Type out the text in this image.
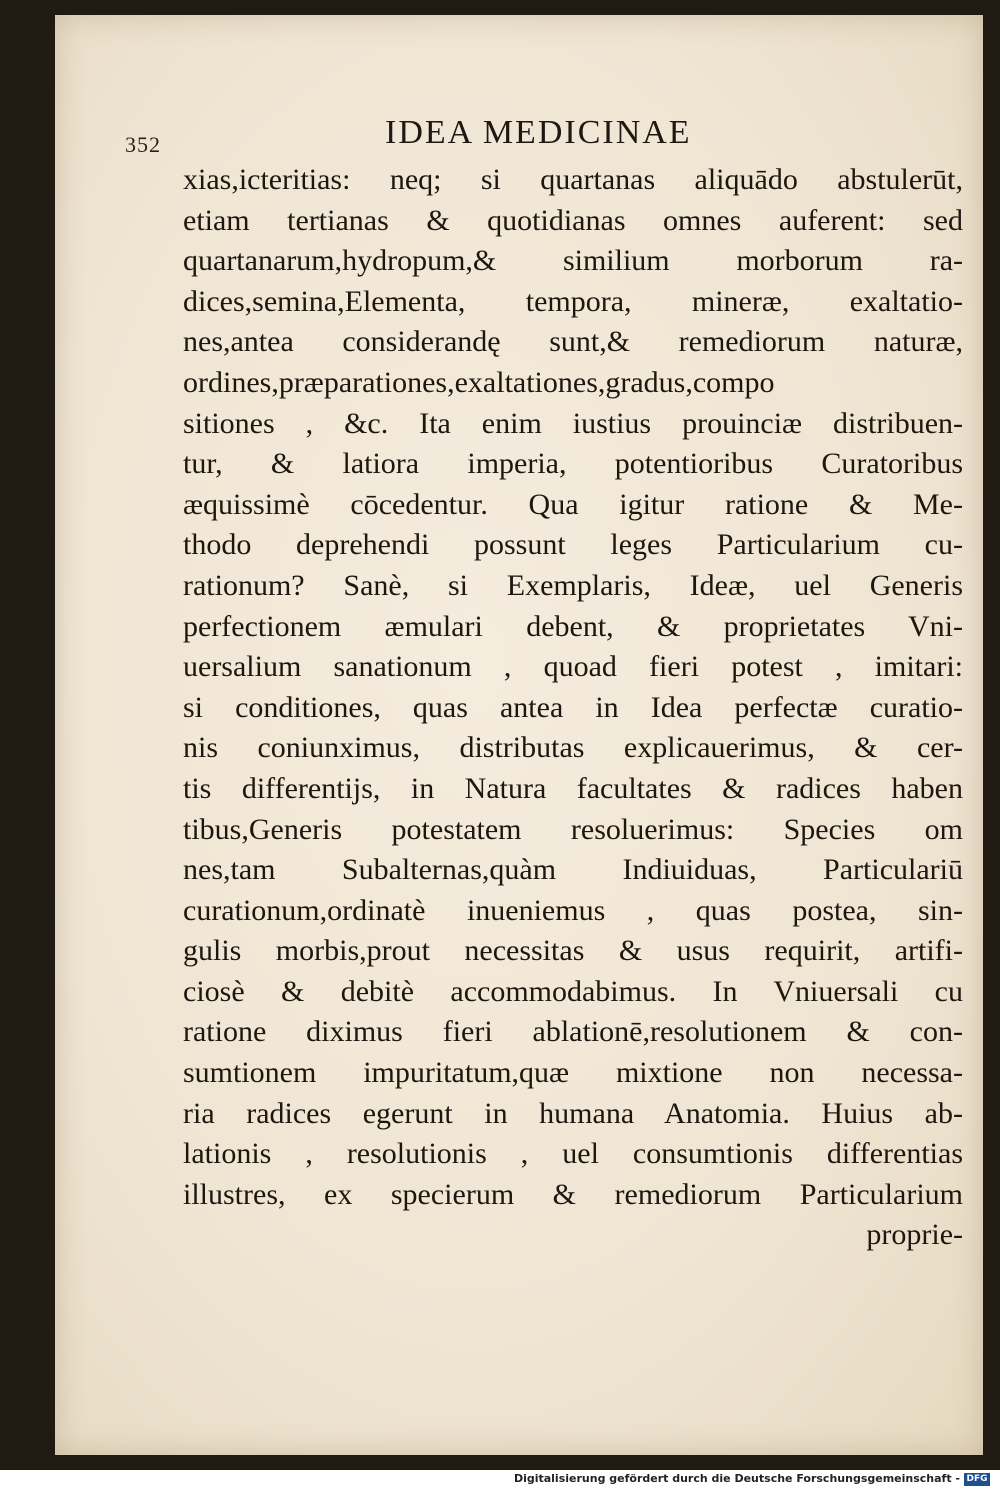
352	IDEA MEDICINAE
xias,icteritias: neq; si quartanas aliquādo abstulerūt,
etiam tertianas & quotidianas omnes auferent: sed
quartanarum,hydropum,& similium morborum ra-
dices,semina,Elementa, tempora, mineræ, exaltatio-
nes,antea considerandę sunt,& remediorum naturæ,
ordines,præparationes,exaltationes,gradus,compo
sitiones , &c. Ita enim iustius prouinciæ distribuen-
tur, & latiora imperia, potentioribus Curatoribus
æquissimè cōcedentur. Qua igitur ratione & Me-
thodo deprehendi possunt leges Particularium cu-
rationum? Sanè, si Exemplaris, Ideæ, uel Generis
perfectionem æmulari debent, & proprietates Vni-
uersalium sanationum , quoad fieri potest , imitari:
si conditiones, quas antea in Idea perfectæ curatio-
nis coniunximus, distributas explicauerimus, & cer-
tis differentijs, in Natura facultates & radices haben
tibus,Generis potestatem resoluerimus: Species om
nes,tam Subalternas,quàm Indiuiduas, Particulariū
curationum,ordinatè inueniemus , quas postea, sin-
gulis morbis,prout necessitas & usus requirit, artifi-
ciosè & debitè accommodabimus. In Vniuersali cu
ratione diximus fieri ablationē,resolutionem & con-
sumtionem impuritatum,quæ mixtione non necessa-
ria radices egerunt in humana Anatomia. Huius ab-
lationis , resolutionis , uel consumtionis differentias
illustres, ex specierum & remediorum Particularium
proprie-
Digitalisierung gefördert durch die Deutsche Forschungsgemeinschaft - DFG
